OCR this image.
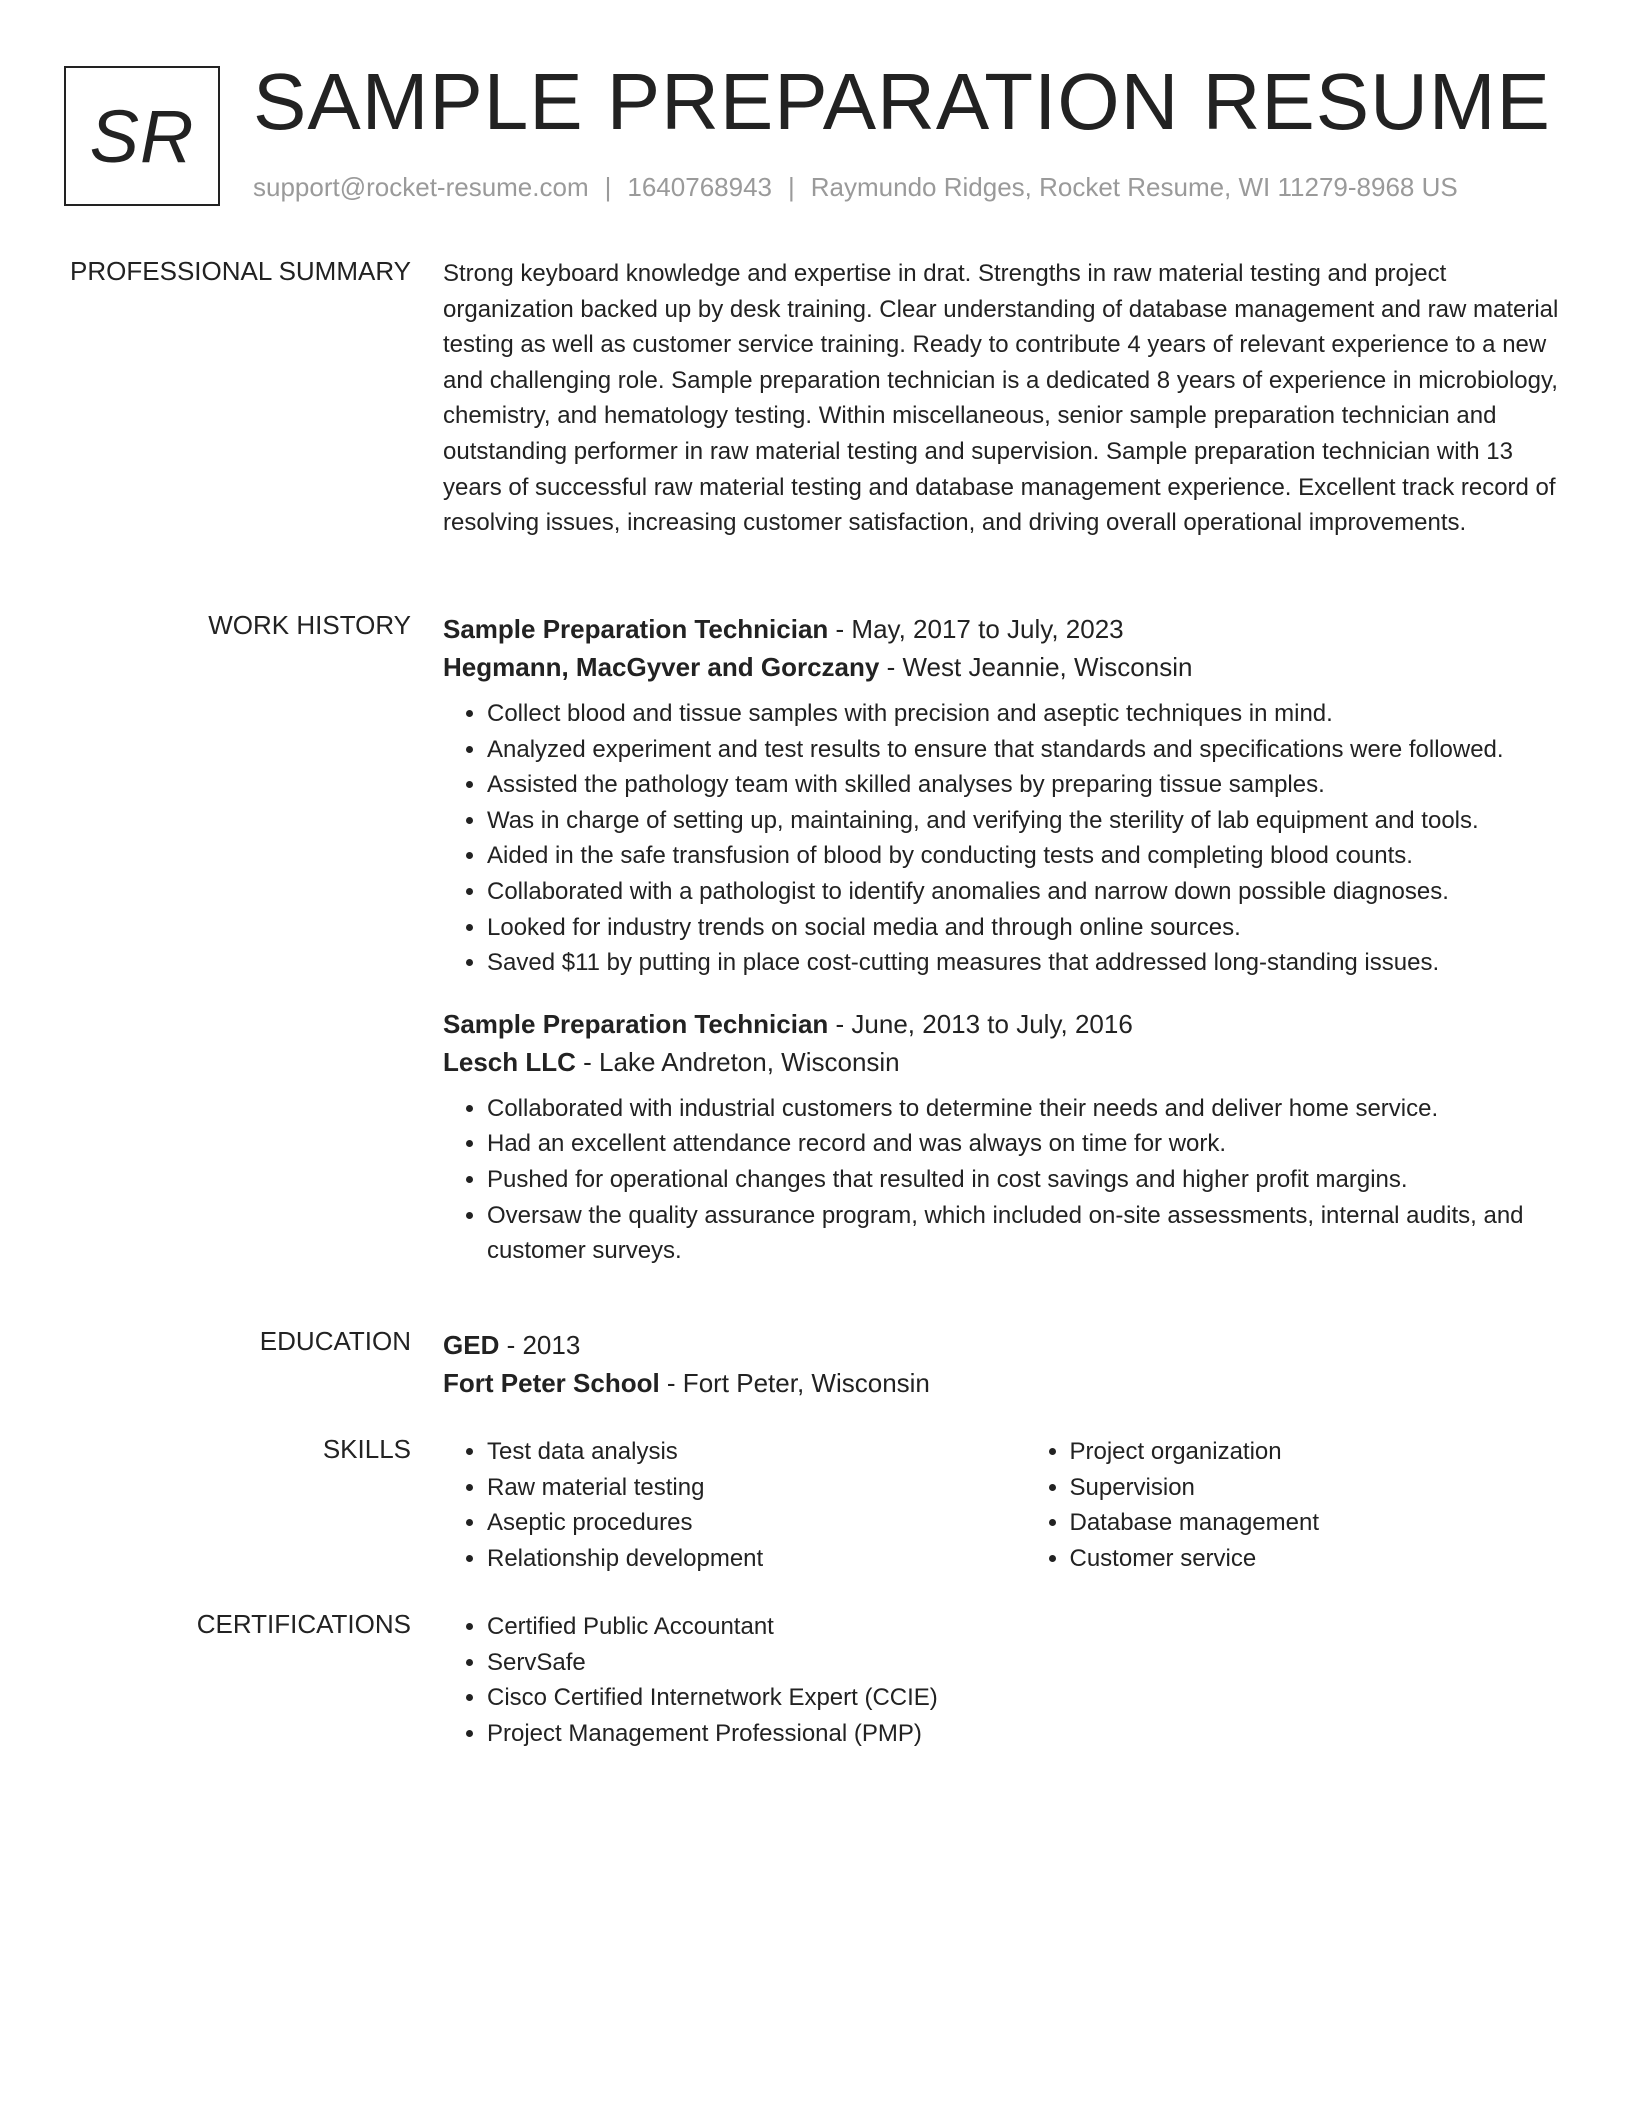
SR SAMPLE PREPARATION RESUME
support@rocket-resume.com | 1640768943 | Raymundo Ridges, Rocket Resume, WI 11279-8968 US
PROFESSIONAL SUMMARY Strong keyboard knowledge and expertise in drat. Strengths in raw material testing and project organization backed up by desk training. Clear understanding of database management and raw material testing as well as customer service training. Ready to contribute 4 years of relevant experience to a new and challenging role. Sample preparation technician is a dedicated 8 years of experience in microbiology, chemistry, and hematology testing. Within miscellaneous, senior sample preparation technician and outstanding performer in raw material testing and supervision. Sample preparation technician with 13 years of successful raw material testing and database management experience. Excellent track record of resolving issues, increasing customer satisfaction, and driving overall operational improvements.

WORK HISTORY Sample Preparation Technician - May, 2017 to July, 2023
Hegmann, MacGyver and Gorczany - West Jeannie, Wisconsin
• Collect blood and tissue samples with precision and aseptic techniques in mind.
• Analyzed experiment and test results to ensure that standards and specifications were followed.
• Assisted the pathology team with skilled analyses by preparing tissue samples.
• Was in charge of setting up, maintaining, and verifying the sterility of lab equipment and tools.
• Aided in the safe transfusion of blood by conducting tests and completing blood counts.
• Collaborated with a pathologist to identify anomalies and narrow down possible diagnoses.
• Looked for industry trends on social media and through online sources.
• Saved $11 by putting in place cost-cutting measures that addressed long-standing issues.
Sample Preparation Technician - June, 2013 to July, 2016
Lesch LLC - Lake Andreton, Wisconsin
• Collaborated with industrial customers to determine their needs and deliver home service.
• Had an excellent attendance record and was always on time for work.
• Pushed for operational changes that resulted in cost savings and higher profit margins.
• Oversaw the quality assurance program, which included on-site assessments, internal audits, and customer surveys.
EDUCATION GED - 2013
Fort Peter School - Fort Peter, Wisconsin
SKILLS	• Test data analysis
• Raw material testing
• Aseptic procedures
• Relationship development
• Project organization
• Supervision
• Database management
• Customer service
CERTIFICATIONS	• Certified Public Accountant
• ServSafe
• Cisco Certified Internetwork Expert (CCIE)
• Project Management Professional (PMP)
